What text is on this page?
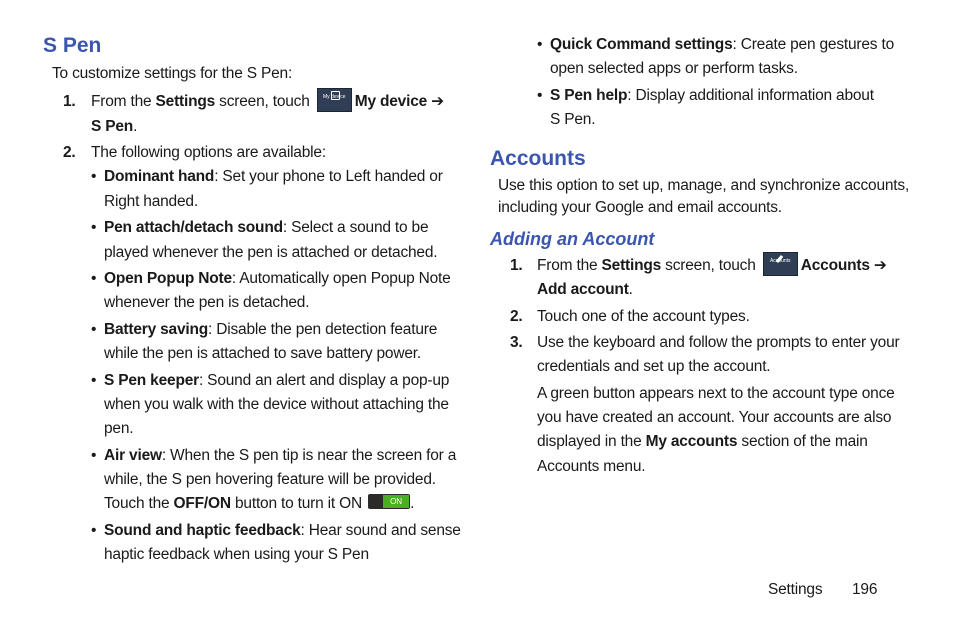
S Pen
To customize settings for the S Pen:
1. From the Settings screen, touch	My device My device ➔
S Pen.
2. The following options are available:
• Dominant hand: Set your phone to Left handed or
Right handed.
• Pen attach/detach sound: Select a sound to be
played whenever the pen is attached or detached.
• Open Popup Note: Automatically open Popup Note
whenever the pen is detached.
• Battery saving: Disable the pen detection feature
while the pen is attached to save battery power.
• S Pen keeper: Sound an alert and display a pop-up
when you walk with the device without attaching the
pen.
• Air view: When the S pen tip is near the screen for a
while, the S pen hovering feature will be provided.
Touch the OFF/ON button to turn it ON	ON .
• Sound and haptic feedback: Hear sound and sense
haptic feedback when using your S Pen
• Quick Command settings: Create pen gestures to
open selected apps or perform tasks.
• S Pen help: Display additional information about
S Pen.
Accounts
Use this option to set up, manage, and synchronize accounts,
including your Google and email accounts.
Adding an Account
1. From the Settings screen, touch	Accounts Accounts ➔
Add account.
2. Touch one of the account types.
3. Use the keyboard and follow the prompts to enter your
credentials and set up the account.
A green button appears next to the account type once
you have created an account. Your accounts are also
displayed in the My accounts section of the main
Accounts menu.
Settings 196
